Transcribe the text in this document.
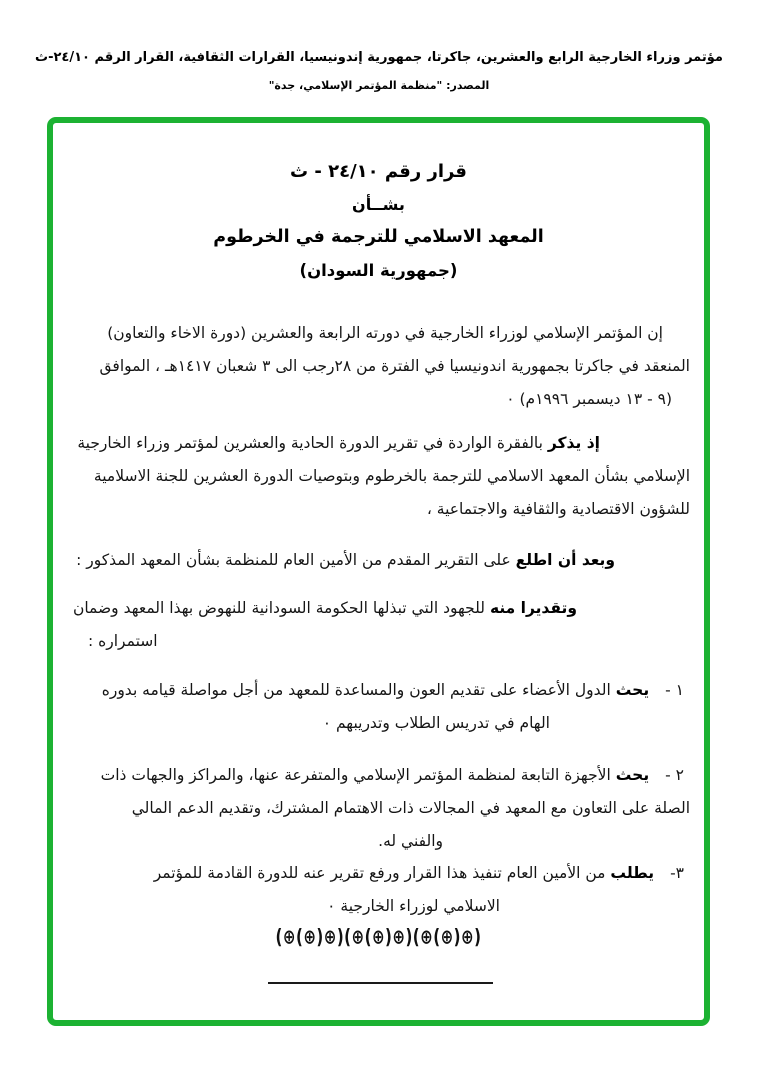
مؤتمر وزراء الخارجية الرابع والعشرين، جاكرتا، جمهورية إندونيسيا، القرارات الثقافية، القرار الرقم ٢٤/١٠-ث
المصدر: "منظمة المؤتمر الإسلامي، جدة"
قرار رقم ٢٤/١٠ - ث
بشــأن
المعهد الاسلامي للترجمة في الخرطوم
(جمهورية السودان)
إن المؤتمر الإسلامي لوزراء الخارجية في دورته الرابعة والعشرين (دورة الاخاء والتعاون)
المنعقد في جاكرتا بجمهورية اندونيسيا في الفترة من ٢٨رجب الى ٣ شعبان ١٤١٧هـ ، الموافق
(٩ - ١٣ ديسمبر ١٩٩٦م) ٠
إذ يذكر بالفقرة الواردة في تقرير الدورة الحادية والعشرين لمؤتمر وزراء الخارجية
الإسلامي بشأن المعهد الاسلامي للترجمة بالخرطوم وبتوصيات الدورة العشرين للجنة الاسلامية
للشؤون الاقتصادية والثقافية والاجتماعية ،
وبعد أن اطلع على التقرير المقدم من الأمين العام للمنظمة بشأن المعهد المذكور :
وتقديرا منه للجهود التي تبذلها الحكومة السودانية للنهوض بهذا المعهد وضمان
استمراره :
١ -يحث الدول الأعضاء على تقديم العون والمساعدة للمعهد من أجل مواصلة قيامه بدوره
الهام في تدريس الطلاب وتدريبهم ٠
٢ -يحث الأجهزة التابعة لمنظمة المؤتمر الإسلامي والمتفرعة عنها، والمراكز والجهات ذات
الصلة على التعاون مع المعهد في المجالات ذات الاهتمام المشترك، وتقديم الدعم المالي
والفني له.
٣-يطلب من الأمين العام تنفيذ هذا القرار ورفع تقرير عنه للدورة القادمة للمؤتمر
الاسلامي لوزراء الخارجية ٠
(⊕(⊕)⊕)(⊕(⊕)⊕)(⊕(⊕)⊕)
